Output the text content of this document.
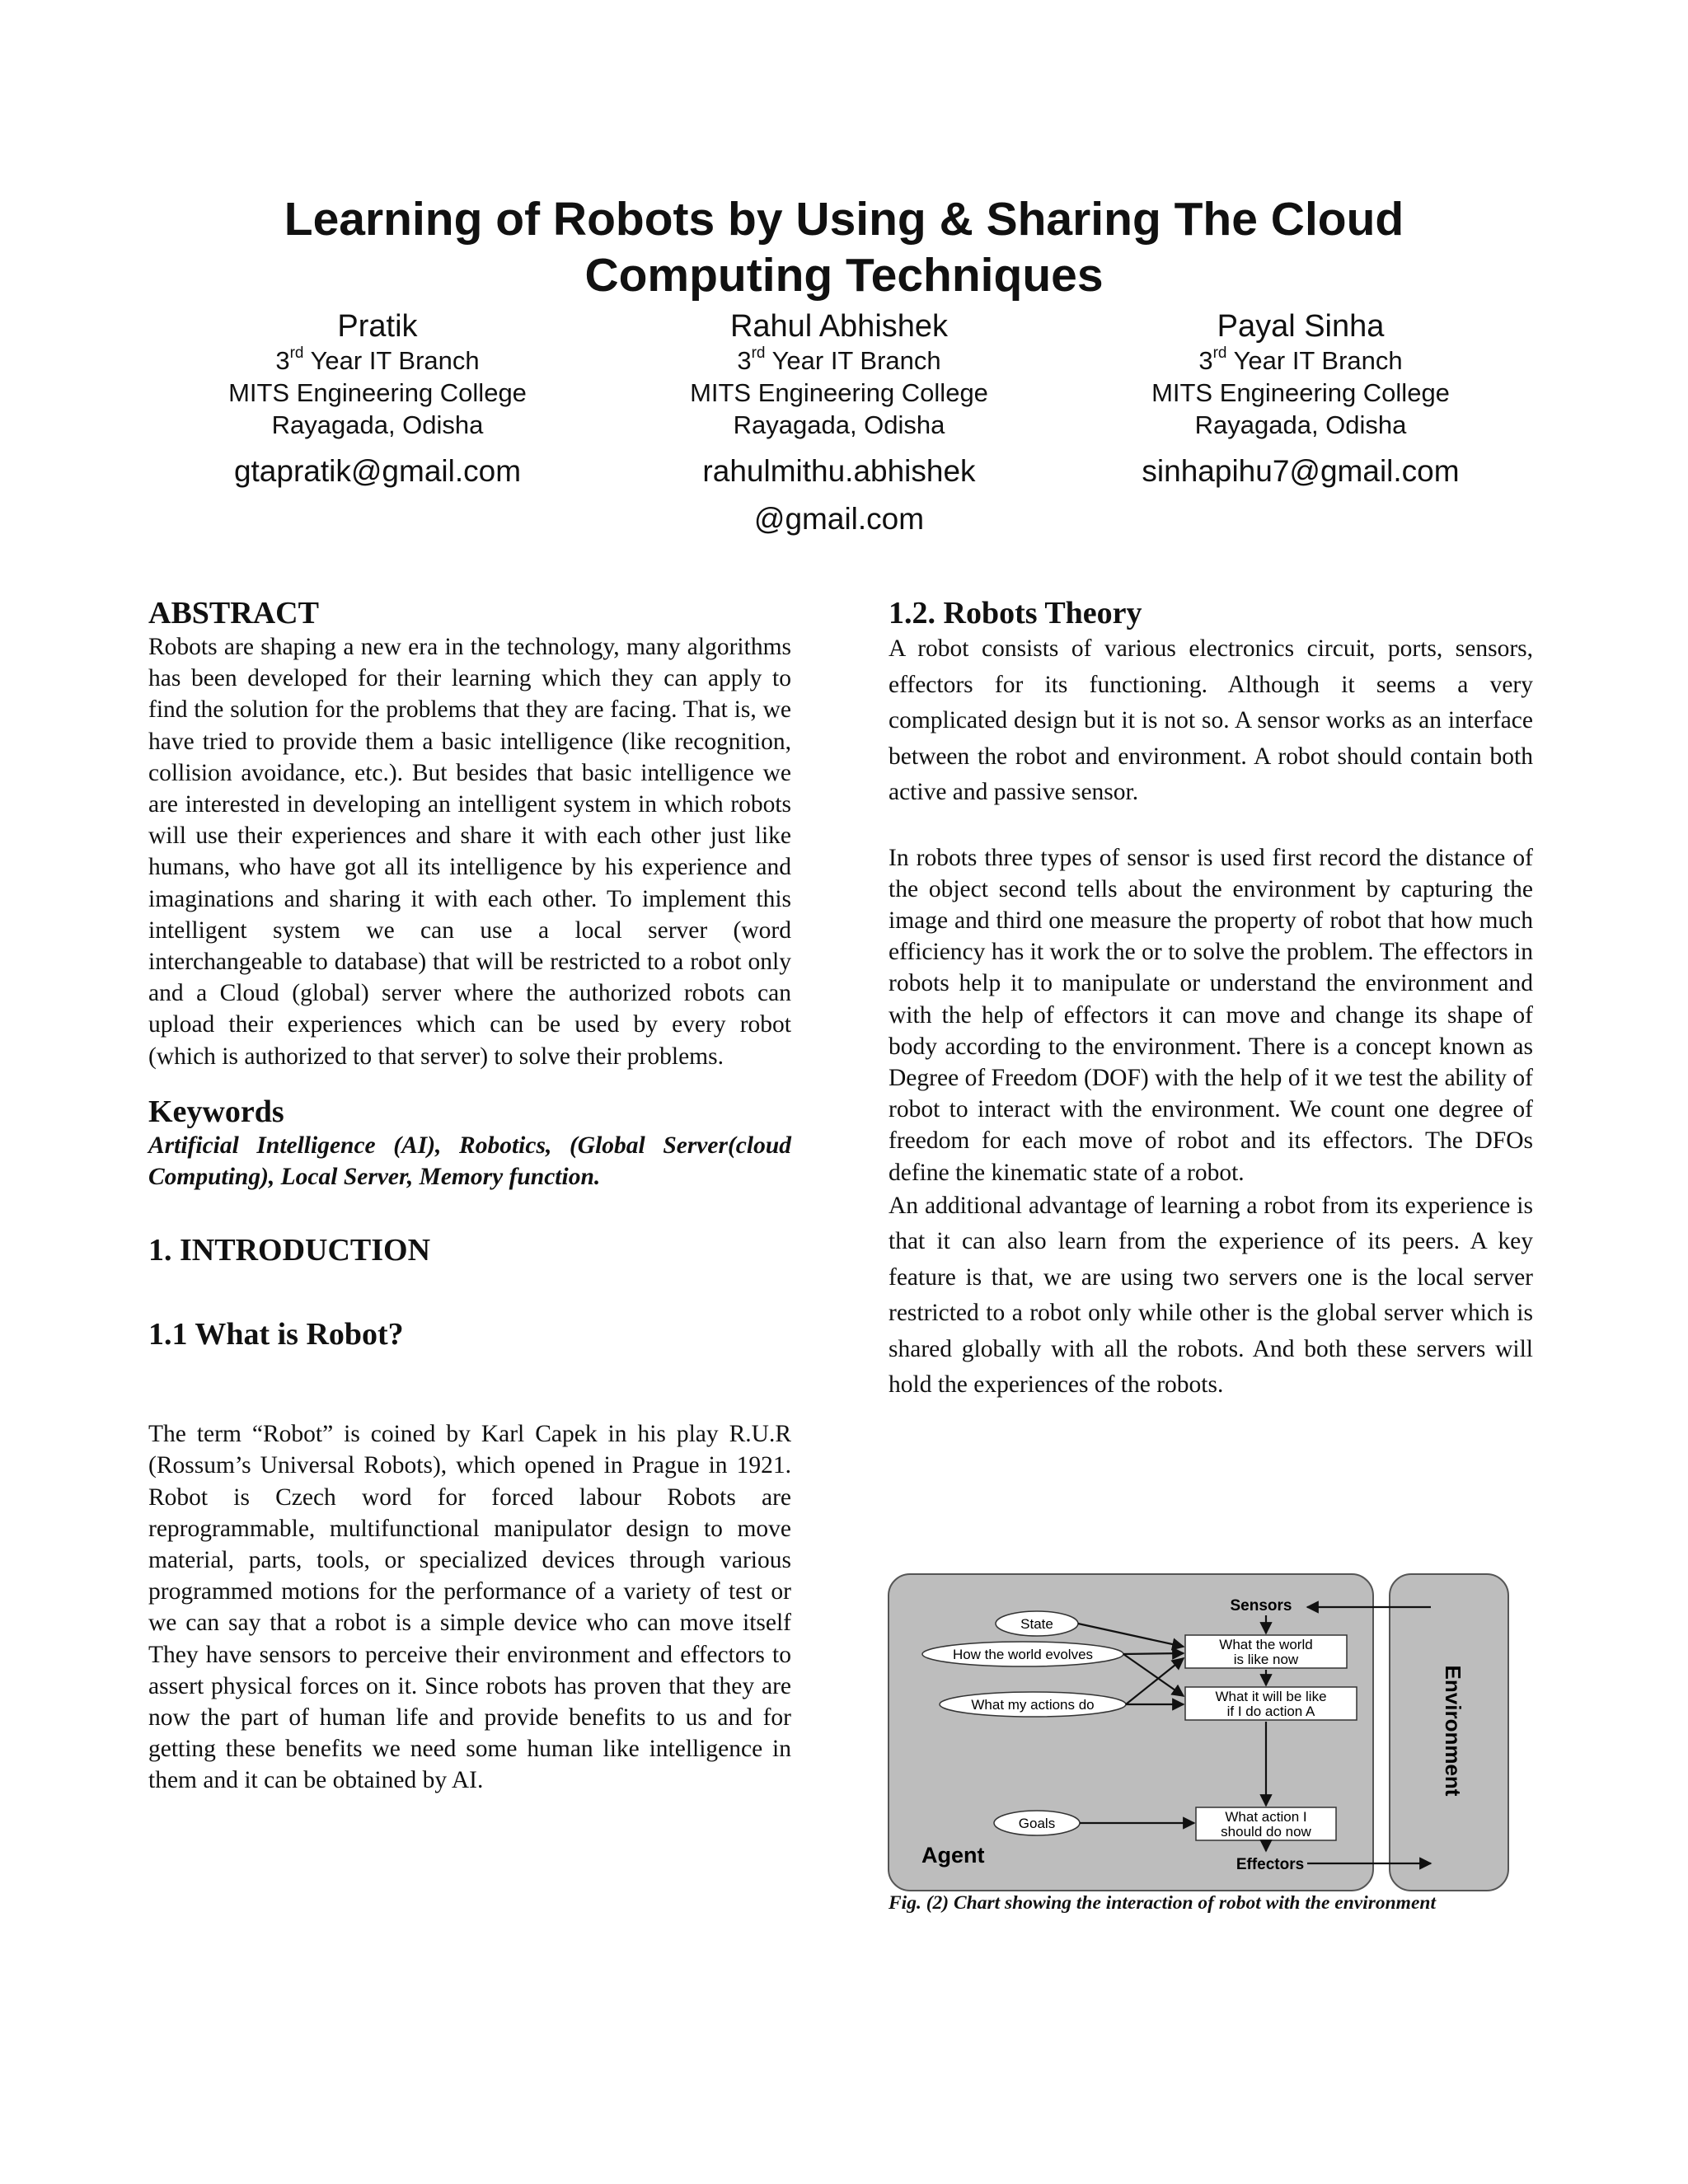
Learning of Robots by Using & Sharing The Cloud
Computing Techniques
Pratik
3rd Year IT Branch
MITS Engineering College
Rayagada, Odisha
gtapratik@gmail.com
Rahul Abhishek
3rd Year IT Branch
MITS Engineering College
Rayagada, Odisha
rahulmithu.abhishek
@gmail.com
Payal Sinha
3rd Year IT Branch
MITS Engineering College
Rayagada, Odisha
sinhapihu7@gmail.com
ABSTRACT

Robots are shaping a new era in the technology, many algorithms has been developed for their learning which they can apply to find the solution for the problems that they are facing. That is, we have tried to provide them a basic intelligence (like recognition, collision avoidance, etc.). But besides that basic intelligence we are interested in developing an intelligent system in which robots will use their experiences and share it with each other just like humans, who have got all its intelligence by his experience and imaginations and sharing it with each other. To implement this intelligent system we can use a local server (word interchangeable to database) that will be restricted to a robot only and a Cloud (global) server where the authorized robots can upload their experiences which can be used by every robot (which is authorized to that server) to solve their problems.

Keywords

Artificial Intelligence (AI), Robotics, (Global Server(cloud Computing), Local Server, Memory function.

1. INTRODUCTION
1.1 What is Robot?

The term “Robot” is coined by Karl Capek in his play R.U.R (Rossum’s Universal Robots), which opened in Prague in 1921. Robot is Czech word for forced labour Robots are reprogrammable, multifunctional manipulator design to move material, parts, tools, or specialized devices through various programmed motions for the performance of a variety of test or we can say that a robot is a simple device who can move itself They have sensors to perceive their environment and effectors to assert physical forces on it. Since robots has proven that they are now the part of human life and provide benefits to us and for getting these benefits we need some human like intelligence in them and it can be obtained by AI.

1.2. Robots Theory

A robot consists of various electronics circuit, ports, sensors, effectors for its functioning. Although it seems a very complicated design but it is not so. A sensor works as an interface between the robot and environment. A robot should contain both active and passive sensor.

In robots three types of sensor is used first record the distance of the object second tells about the environment by capturing the image and third one measure the property of robot that how much efficiency has it work the or to solve the problem. The effectors in robots help it to manipulate or understand the environment and with the help of effectors it can move and change its shape of body according to the environment. There is a concept known as Degree of Freedom (DOF) with the help of it we test the ability of robot to interact with the environment. We count one degree of freedom for each move of robot and its effectors. The DFOs define the kinematic state of a robot.

An additional advantage of learning a robot from its experience is that it can also learn from the experience of its peers. A key feature is that, we are using two servers one is the local server restricted to a robot only while other is the global server which is shared globally with all the robots. And both these servers will hold the experiences of the robots.

Sensors
Effectors
Agent
Environment
State
How the world evolves
What my actions do
Goals
What the world
is like now
What it will be like
if I do action A
What action I
should do now
Fig. (2) Chart showing the interaction of robot with the environment
